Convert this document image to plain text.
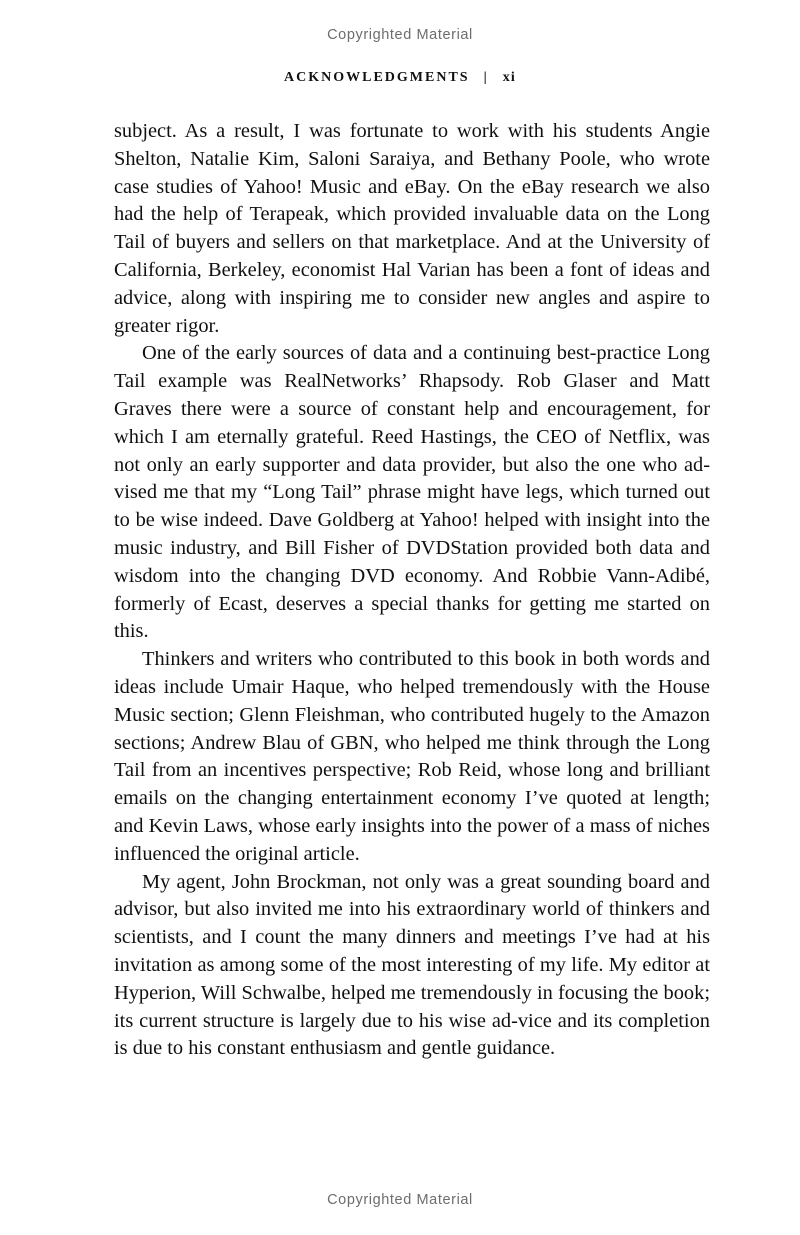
Copyrighted Material
ACKNOWLEDGMENTS | xi

subject. As a result, I was fortunate to work with his students Angie Shelton, Natalie Kim, Saloni Saraiya, and Bethany Poole, who wrote case studies of Yahoo! Music and eBay. On the eBay research we also had the help of Terapeak, which provided invaluable data on the Long Tail of buyers and sellers on that marketplace. And at the University of California, Berkeley, economist Hal Varian has been a font of ideas and advice, along with inspiring me to consider new angles and aspire to greater rigor.

One of the early sources of data and a continuing best-practice Long Tail example was RealNetworks’ Rhapsody. Rob Glaser and Matt Graves there were a source of constant help and encouragement, for which I am eternally grateful. Reed Hastings, the CEO of Netflix, was not only an early supporter and data provider, but also the one who ad-vised me that my “Long Tail” phrase might have legs, which turned out to be wise indeed. Dave Goldberg at Yahoo! helped with insight into the music industry, and Bill Fisher of DVDStation provided both data and wisdom into the changing DVD economy. And Robbie Vann-Adibé, formerly of Ecast, deserves a special thanks for getting me started on this.

Thinkers and writers who contributed to this book in both words and ideas include Umair Haque, who helped tremendously with the House Music section; Glenn Fleishman, who contributed hugely to the Amazon sections; Andrew Blau of GBN, who helped me think through the Long Tail from an incentives perspective; Rob Reid, whose long and brilliant emails on the changing entertainment economy I’ve quoted at length; and Kevin Laws, whose early insights into the power of a mass of niches influenced the original article.

My agent, John Brockman, not only was a great sounding board and advisor, but also invited me into his extraordinary world of thinkers and scientists, and I count the many dinners and meetings I’ve had at his invitation as among some of the most interesting of my life. My editor at Hyperion, Will Schwalbe, helped me tremendously in focusing the book; its current structure is largely due to his wise ad-vice and its completion is due to his constant enthusiasm and gentle guidance.

Copyrighted Material
